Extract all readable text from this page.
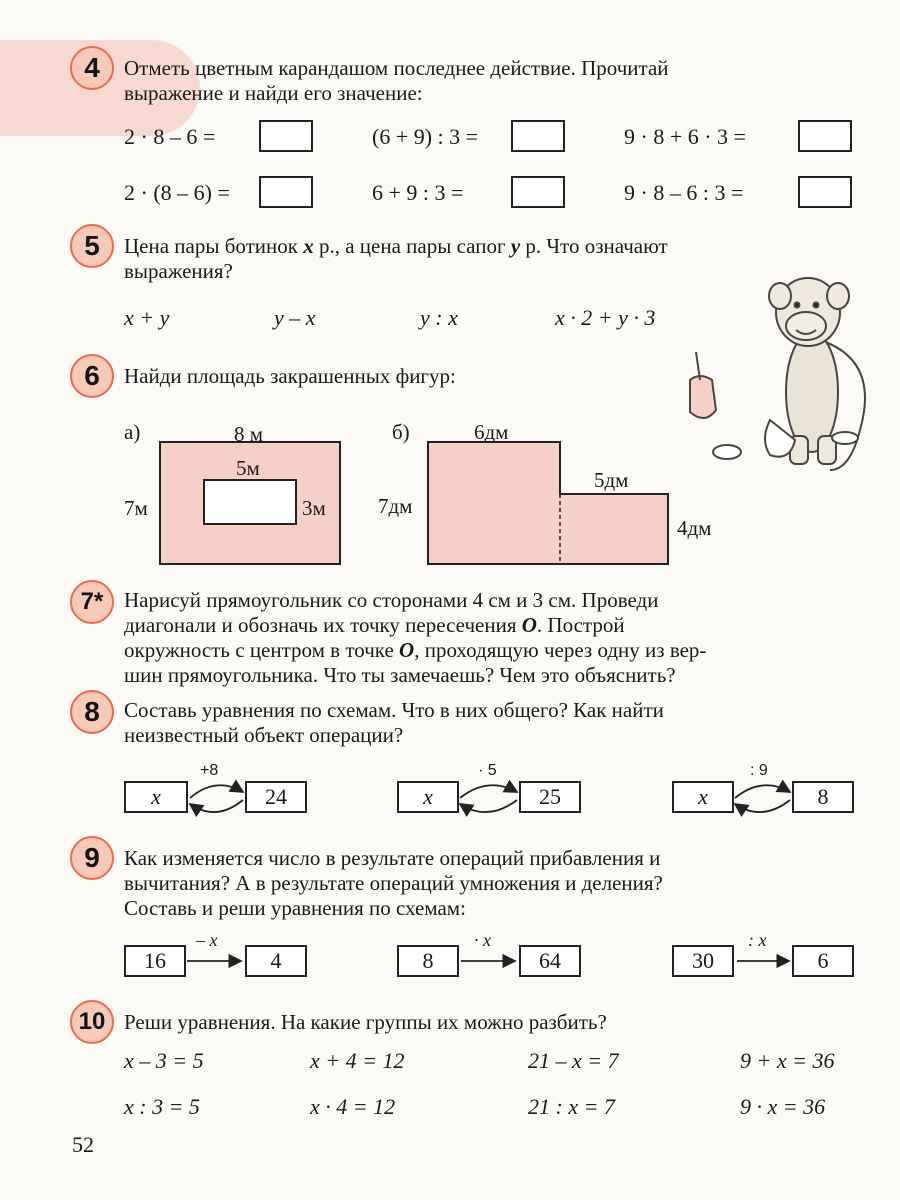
4 Отметь цветным карандашом последнее действие. Прочитай
выражение и найди его значение:
2 · 8 – 6 =	(6 + 9) : 3 =	9 · 8 + 6 · 3 =
2 · (8 – 6) =	6 + 9 : 3 =	9 · 8 – 6 : 3 =
5 Цена пары ботинок x р., а цена пары сапог y р. Что означают
выражения?
x + y	y – x	y : x	x · 2 + y · 3
6 Найди площадь закрашенных фигур:
а)	8 м
5м
7м	3м
б)	6дм
7дм
5дм
4дм
7* Нарисуй прямоугольник со сторонами 4 см и 3 см. Проведи
диагонали и обозначь их точку пересечения O. Построй
окружность с центром в точке O, проходящую через одну из вер-
шин прямоугольника. Что ты замечаешь? Чем это объяснить?
8 Составь уравнения по схемам. Что в них общего? Как найти
неизвестный объект операции?
x
+8
24	x
· 5
25	x
: 9
8
9 Как изменяется число в результате операций прибавления и
вычитания? А в результате операций умножения и деления?
Составь и реши уравнения по схемам:
16
– x
4	8
· x
64	30
: x
6
10 Реши уравнения. На какие группы их можно разбить?
x – 3 = 5	x + 4 = 12	21 – x = 7	9 + x = 36
x : 3 = 5	x · 4 = 12	21 : x = 7	9 · x = 36
52
